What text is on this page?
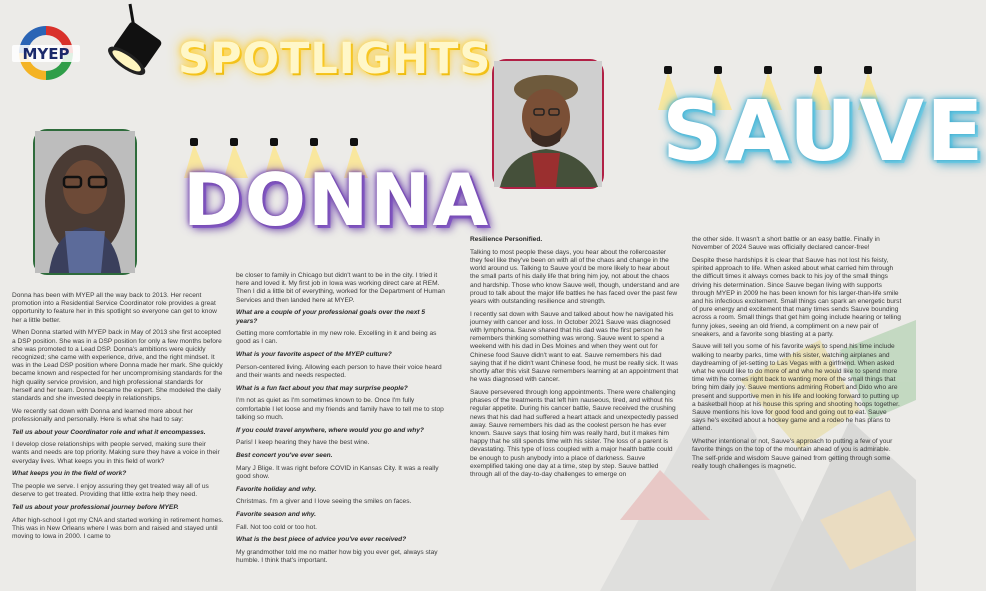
MYEP	SPOTLIGHTS
DONNA
SAUVE

Donna has been with MYEP all the way back to 2013. Her recent promotion into a Residential Service Coordinator role provides a great opportunity to feature her in this spotlight so everyone can get to know her a little better.

When Donna started with MYEP back in May of 2013 she first accepted a DSP position. She was in a DSP position for only a few months before she was promoted to a Lead DSP. Donna's ambitions were quickly recognized; she came with experience, drive, and the right mindset. It was in the Lead DSP position where Donna made her mark. She quickly became known and respected for her uncompromising standards for the high quality service provision, and high professional standards for herself and her team. Donna became the expert. She modeled the daily standards and she invested deeply in relationships.

We recently sat down with Donna and learned more about her professionally and personally. Here is what she had to say:

Tell us about your Coordinator role and what it encompasses.

I develop close relationships with people served, making sure their wants and needs are top priority. Making sure they have a voice in their everyday lives. What keeps you in this field of work?

What keeps you in the field of work?

The people we serve. I enjoy assuring they get treated way all of us deserve to get treated. Providing that little extra help they need.

Tell us about your professional journey before MYEP.

After high-school I got my CNA and started working in retirement homes. This was in New Orleans where I was born and raised and stayed until moving to Iowa in 2000. I came to

be closer to family in Chicago but didn't want to be in the city. I tried it here and loved it. My first job in Iowa was working direct care at REM. Then I did a little bit of everything, worked for the Department of Human Services and then landed here at MYEP.

What are a couple of your professional goals over the next 5 years?

Getting more comfortable in my new role. Excelling in it and being as good as I can.

What is your favorite aspect of the MYEP culture?

Person-centered living. Allowing each person to have their voice heard and their wants and needs respected.

What is a fun fact about you that may surprise people?

I'm not as quiet as I'm sometimes known to be. Once I'm fully comfortable I let loose and my friends and family have to tell me to stop talking so much.

If you could travel anywhere, where would you go and why?

Paris! I keep hearing they have the best wine.

Best concert you've ever seen.

Mary J Blige. It was right before COVID in Kansas City. It was a really good show.

Favorite holiday and why.

Christmas. I'm a giver and I love seeing the smiles on faces.

Favorite season and why.

Fall. Not too cold or too hot.

What is the best piece of advice you've ever received?

My grandmother told me no matter how big you ever get, always stay humble. I think that's important.

Resilience Personified.

Talking to most people these days, you hear about the rollercoaster they feel like they've been on with all of the chaos and change in the world around us. Talking to Sauve you'd be more likely to hear about the small parts of his daily life that bring him joy, not about the chaos and hardship. Those who know Sauve well, though, understand and are proud to talk about the major life battles he has faced over the past few years with outstanding resilience and strength.

I recently sat down with Sauve and talked about how he navigated his journey with cancer and loss. In October 2021 Sauve was diagnosed with lymphoma. Sauve shared that his dad was the first person he remembers thinking something was wrong. Sauve went to spend a weekend with his dad in Des Moines and when they went out for Chinese food Sauve didn't want to eat. Sauve remembers his dad saying that if he didn't want Chinese food, he must be really sick. It was shortly after this visit Sauve remembers learning at an appointment that he was diagnosed with cancer.

Sauve persevered through long appointments. There were challenging phases of the treatments that left him nauseous, tired, and without his regular appetite. During his cancer battle, Sauve received the crushing news that his dad had suffered a heart attack and unexpectedly passed away. Sauve remembers his dad as the coolest person he has ever known. Sauve says that losing him was really hard, but it makes him happy that he still spends time with his sister. The loss of a parent is devastating. This type of loss coupled with a major health battle could be enough to push anybody into a place of darkness. Sauve exemplified taking one day at a time, step by step. Sauve battled through all of the day-to-day challenges to emerge on

the other side. It wasn't a short battle or an easy battle. Finally in November of 2024 Sauve was officially declared cancer-free!

Despite these hardships it is clear that Sauve has not lost his feisty, spirited approach to life. When asked about what carried him through the difficult times it always comes back to his joy of the small things driving his determination. Since Sauve began living with supports through MYEP in 2009 he has been known for his larger-than-life smile and his infectious excitement. Small things can spark an energetic burst of pure energy and excitement that many times sends Sauve bounding across a room. Small things that get him going include hearing or telling funny jokes, seeing an old friend, a compliment on a new pair of sneakers, and a favorite song blasting at a party.

Sauve will tell you some of his favorite ways to spend his time include walking to nearby parks, time with his sister, watching airplanes and daydreaming of jet-setting to Las Vegas with a girlfriend. When asked what he would like to do more of and who he would like to spend more time with he comes right back to wanting more of the small things that bring him daily joy. Sauve mentions admiring Robert and Dido who are present and supportive men in his life and looking forward to putting up a basketball hoop at his house this spring and shooting hoops together. Sauve mentions his love for good food and going out to eat. Sauve says he's excited about a hockey game and a rodeo he has plans to attend.

Whether intentional or not, Sauve's approach to putting a few of your favorite things on the top of the mountain ahead of you is admirable. The self-pride and wisdom Sauve gained from getting through some really tough challenges is magnetic.
